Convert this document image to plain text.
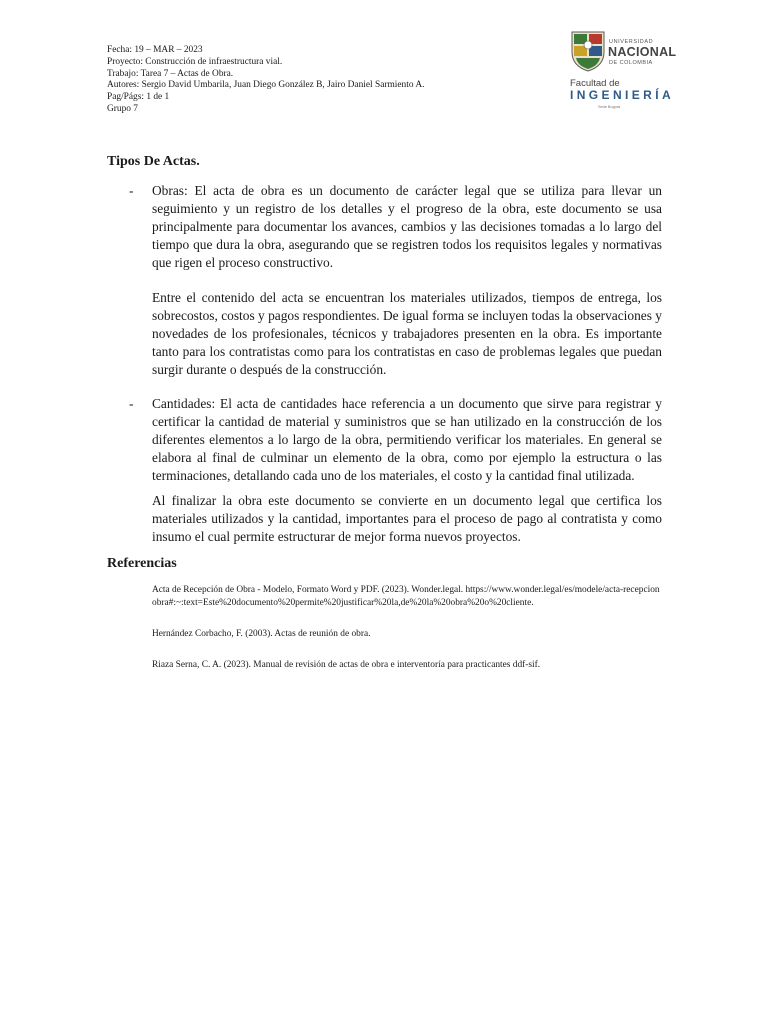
Fecha: 19 – MAR – 2023
Proyecto: Construcción de infraestructura vial.
Trabajo: Tarea 7 – Actas de Obra.
Autores: Sergio David Umbarila, Juan Diego González B, Jairo Daniel Sarmiento A.
Pag/Págs: 1 de 1
Grupo 7
UNIVERSIDAD
NACIONAL
DE COLOMBIA
Facultad de
INGENIERÍA
Sede Bogotá
Tipos De Actas.
- Obras: El acta de obra es un documento de carácter legal que se utiliza para llevar un seguimiento y un registro de los detalles y el progreso de la obra, este documento se usa principalmente para documentar los avances, cambios y las decisiones tomadas a lo largo del tiempo que dura la obra, asegurando que se registren todos los requisitos legales y normativas que rigen el proceso constructivo.

Entre el contenido del acta se encuentran los materiales utilizados, tiempos de entrega, los sobrecostos, costos y pagos respondientes. De igual forma se incluyen todas la observaciones y novedades de los profesionales, técnicos y trabajadores presenten en la obra. Es importante tanto para los contratistas como para los contratistas en caso de problemas legales que puedan surgir durante o después de la construcción.

- Cantidades: El acta de cantidades hace referencia a un documento que sirve para registrar y certificar la cantidad de material y suministros que se han utilizado en la construcción de los diferentes elementos a lo largo de la obra, permitiendo verificar los materiales. En general se elabora al final de culminar un elemento de la obra, como por ejemplo la estructura o las terminaciones, detallando cada uno de los materiales, el costo y la cantidad final utilizada.

Al finalizar la obra este documento se convierte en un documento legal que certifica los materiales utilizados y la cantidad, importantes para el proceso de pago al contratista y como insumo el cual permite estructurar de mejor forma nuevos proyectos.

Referencias

Acta de Recepción de Obra - Modelo, Formato Word y PDF. (2023). Wonder.legal. https://www.wonder.legal/es/modele/acta-recepcion obra#:~:text=Este%20documento%20permite%20justificar%20la,de%20la%20obra%20o%20cliente.

Hernández Corbacho, F. (2003). Actas de reunión de obra.

Riaza Serna, C. A. (2023). Manual de revisión de actas de obra e interventoría para practicantes ddf-sif.
